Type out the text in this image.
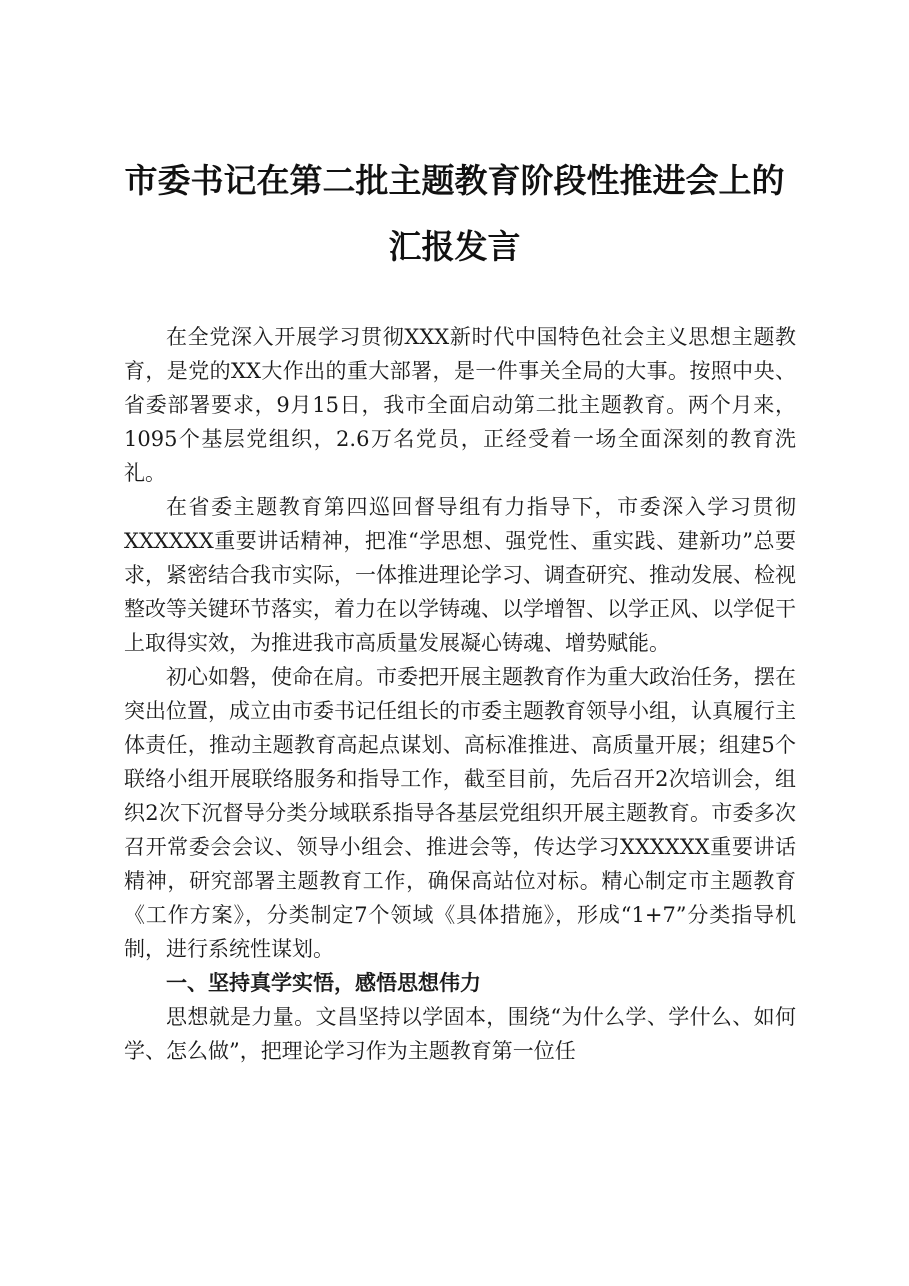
市委书记在第二批主题教育阶段性推进会上的
汇报发言

在全党深入开展学习贯彻XXX新时代中国特色社会主义思想主题教育，是党的XX大作出的重大部署，是一件事关全局的大事。按照中央、省委部署要求，9月15日，我市全面启动第二批主题教育。两个月来，1095个基层党组织，2.6万名党员，正经受着一场全面深刻的教育洗礼。

在省委主题教育第四巡回督导组有力指导下，市委深入学习贯彻XXXXXX重要讲话精神，把准“学思想、强党性、重实践、建新功”总要求，紧密结合我市实际，一体推进理论学习、调查研究、推动发展、检视整改等关键环节落实，着力在以学铸魂、以学增智、以学正风、以学促干上取得实效，为推进我市高质量发展凝心铸魂、增势赋能。

初心如磐，使命在肩。市委把开展主题教育作为重大政治任务，摆在突出位置，成立由市委书记任组长的市委主题教育领导小组，认真履行主体责任，推动主题教育高起点谋划、高标准推进、高质量开展；组建5个联络小组开展联络服务和指导工作，截至目前，先后召开2次培训会，组织2次下沉督导分类分域联系指导各基层党组织开展主题教育。市委多次召开常委会会议、领导小组会、推进会等，传达学习XXXXXX重要讲话精神，研究部署主题教育工作，确保高站位对标。精心制定市主题教育《工作方案》，分类制定7个领域《具体措施》，形成“1+7”分类指导机制，进行系统性谋划。

一、坚持真学实悟，感悟思想伟力

思想就是力量。文昌坚持以学固本，围绕“为什么学、学什么、如何学、怎么做”，把理论学习作为主题教育第一位任
